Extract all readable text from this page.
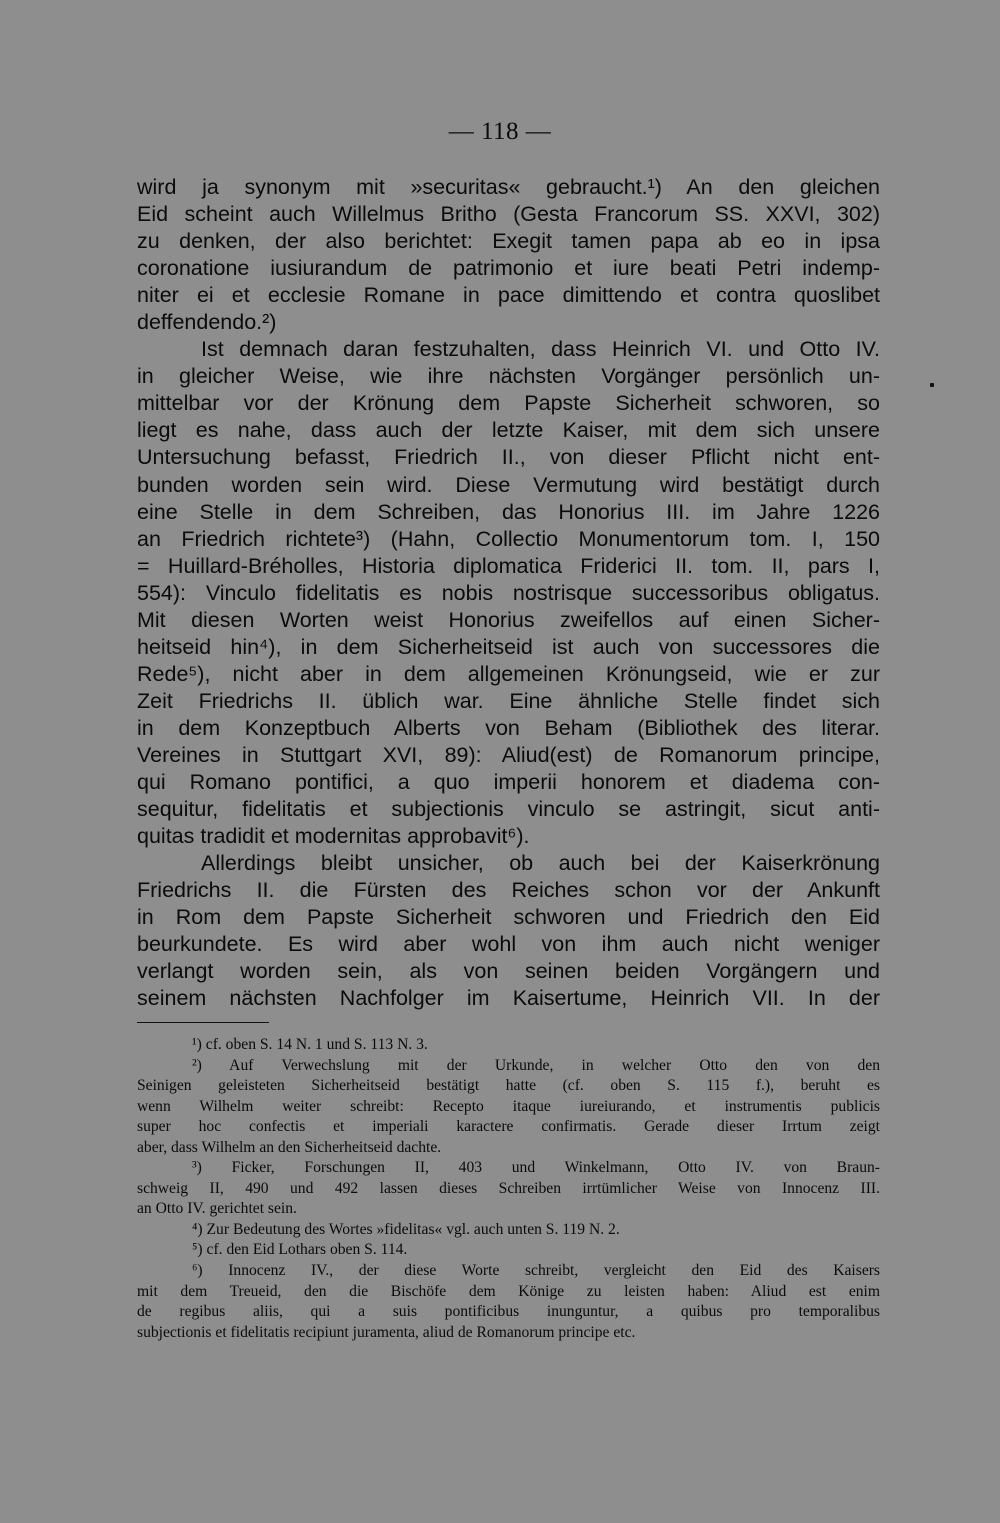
— 118 —
wird ja synonym mit »securitas« gebraucht.¹) An den gleichen
Eid scheint auch Willelmus Britho (Gesta Francorum SS. XXVI, 302)
zu denken, der also berichtet: Exegit tamen papa ab eo in ipsa
coronatione iusiurandum de patrimonio et iure beati Petri indemp-
niter ei et ecclesie Romane in pace dimittendo et contra quoslibet
deffendendo.²)
Ist demnach daran festzuhalten, dass Heinrich VI. und Otto IV.
in gleicher Weise, wie ihre nächsten Vorgänger persönlich un-
mittelbar vor der Krönung dem Papste Sicherheit schworen, so
liegt es nahe, dass auch der letzte Kaiser, mit dem sich unsere
Untersuchung befasst, Friedrich II., von dieser Pflicht nicht ent-
bunden worden sein wird. Diese Vermutung wird bestätigt durch
eine Stelle in dem Schreiben, das Honorius III. im Jahre 1226
an Friedrich richtete³) (Hahn, Collectio Monumentorum tom. I, 150
= Huillard-Bréholles, Historia diplomatica Friderici II. tom. II, pars I,
554): Vinculo fidelitatis es nobis nostrisque successoribus obligatus.
Mit diesen Worten weist Honorius zweifellos auf einen Sicher-
heitseid hin⁴), in dem Sicherheitseid ist auch von successores die
Rede⁵), nicht aber in dem allgemeinen Krönungseid, wie er zur
Zeit Friedrichs II. üblich war. Eine ähnliche Stelle findet sich
in dem Konzeptbuch Alberts von Beham (Bibliothek des literar.
Vereines in Stuttgart XVI, 89): Aliud(est) de Romanorum principe,
qui Romano pontifici, a quo imperii honorem et diadema con-
sequitur, fidelitatis et subjectionis vinculo se astringit, sicut anti-
quitas tradidit et modernitas approbavit⁶).
Allerdings bleibt unsicher, ob auch bei der Kaiserkrönung
Friedrichs II. die Fürsten des Reiches schon vor der Ankunft
in Rom dem Papste Sicherheit schworen und Friedrich den Eid
beurkundete. Es wird aber wohl von ihm auch nicht weniger
verlangt worden sein, als von seinen beiden Vorgängern und
seinem nächsten Nachfolger im Kaisertume, Heinrich VII. In der
¹) cf. oben S. 14 N. 1 und S. 113 N. 3.
²) Auf Verwechslung mit der Urkunde, in welcher Otto den von den
Seinigen geleisteten Sicherheitseid bestätigt hatte (cf. oben S. 115 f.), beruht es
wenn Wilhelm weiter schreibt: Recepto itaque iureiurando, et instrumentis publicis
super hoc confectis et imperiali karactere confirmatis. Gerade dieser Irrtum zeigt
aber, dass Wilhelm an den Sicherheitseid dachte.
³) Ficker, Forschungen II, 403 und Winkelmann, Otto IV. von Braun-
schweig II, 490 und 492 lassen dieses Schreiben irrtümlicher Weise von Innocenz III.
an Otto IV. gerichtet sein.
⁴) Zur Bedeutung des Wortes »fidelitas« vgl. auch unten S. 119 N. 2.
⁵) cf. den Eid Lothars oben S. 114.
⁶) Innocenz IV., der diese Worte schreibt, vergleicht den Eid des Kaisers
mit dem Treueid, den die Bischöfe dem Könige zu leisten haben: Aliud est enim
de regibus aliis, qui a suis pontificibus inunguntur, a quibus pro temporalibus
subjectionis et fidelitatis recipiunt juramenta, aliud de Romanorum principe etc.
